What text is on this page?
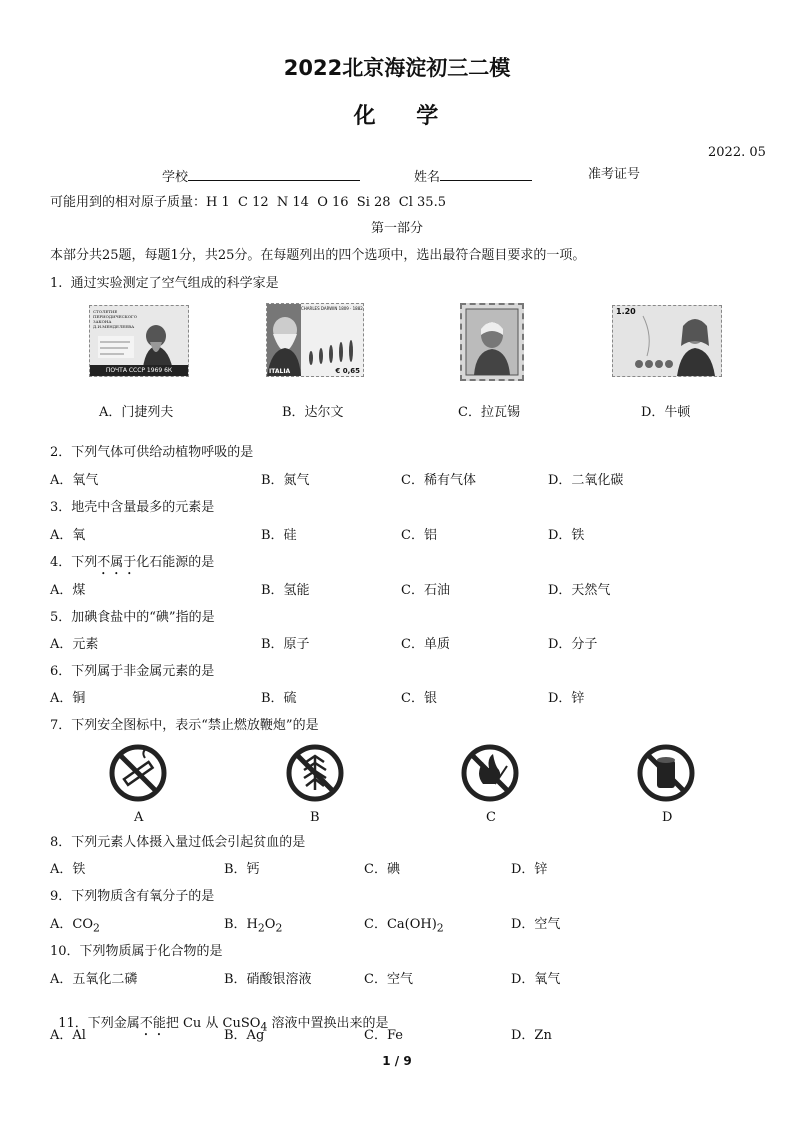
2022北京海淀初三二模
化    学
2022. 05
学校	姓名	准考证号
可能用到的相对原子质量：H 1  C 12  N 14  O 16  Si 28  Cl 35.5
第一部分
本部分共25题，每题1分，共25分。在每题列出的四个选项中，选出最符合题目要求的一项。
1.  通过实验测定了空气组成的科学家是
СТОЛЕТИЕ ПЕРИОДИЧЕСКОГО ЗАКОНА Д.И.МЕНДЕЛЕЕВА
ПОЧТА СССР 1969 6К
CHARLES DARWIN 1809 · 1882
ITALIA	€ 0,65
1.20
A．门捷列夫	B．达尔文	C．拉瓦锡	D．牛顿
2．下列气体可供给动植物呼吸的是
A．氧气	B．氮气	C．稀有气体	D．二氧化碳
3．地壳中含量最多的元素是
A．氧	B．硅	C．铝	D．铁
4．下列不属于化石能源的是
A．煤	B．氢能	C．石油	D．天然气
5．加碘食盐中的“碘”指的是
A．元素	B．原子	C．单质	D．分子
6．下列属于非金属元素的是
A．铜	B．硫	C．银	D．锌
7．下列安全图标中，表示“禁止燃放鞭炮”的是
A	B	C	D
8．下列元素人体摄入量过低会引起贫血的是
A．铁	B．钙	C．碘	D．锌
9．下列物质含有氧分子的是
A．$CO_2$	B．$H_2O_2$	C．$Ca(OH)_2$	D．空气
10．下列物质属于化合物的是
A．五氧化二磷	B．硝酸银溶液	C．空气	D．氧气

11．下列金属不能把 Cu 从 CuSO$_4$ 溶液中置换出来的是

A．Al	B．Ag	C．Fe	D．Zn
1 / 9
